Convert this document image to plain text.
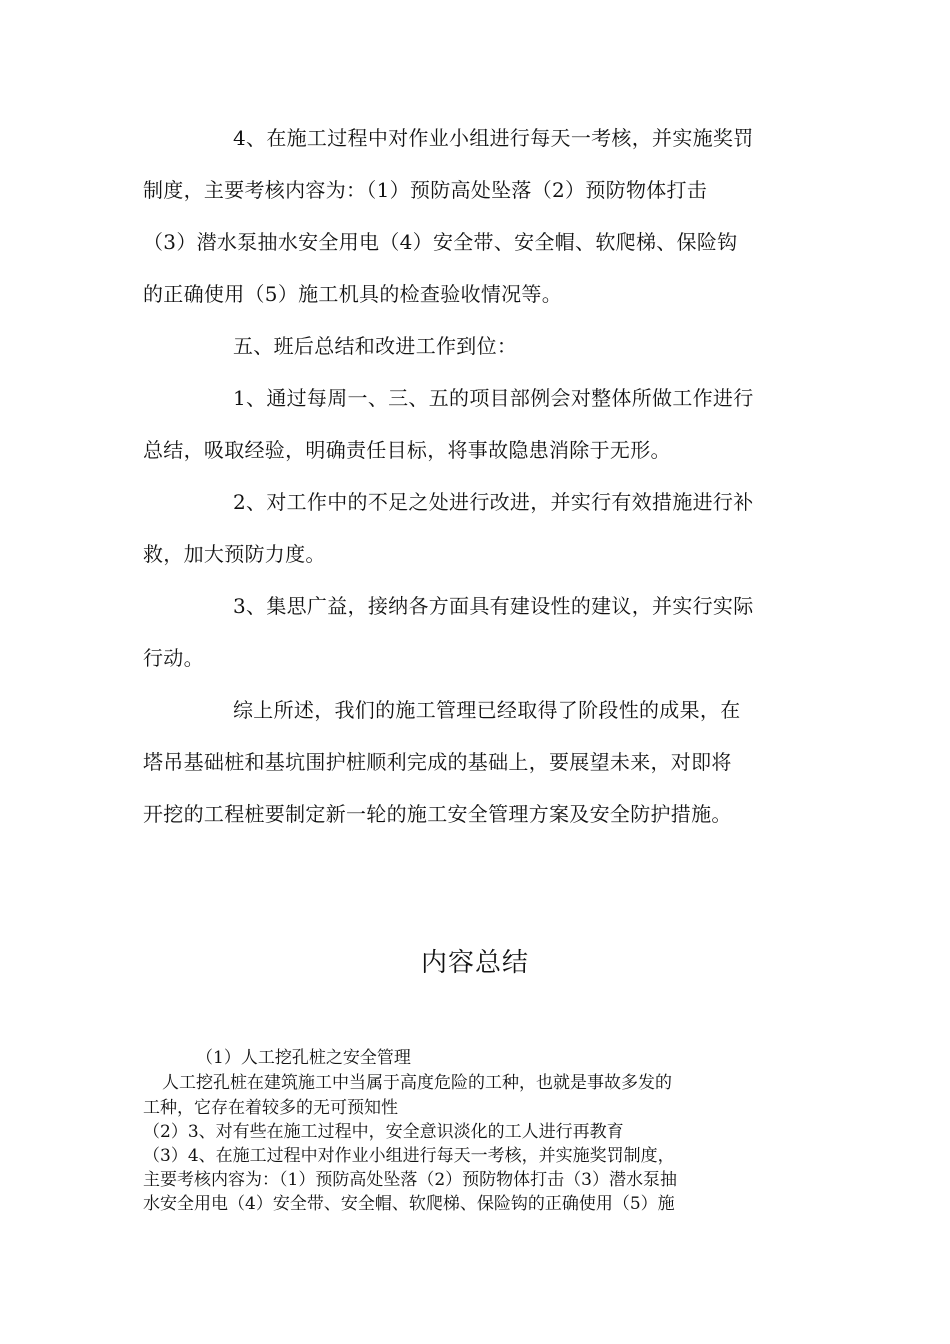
4、在施工过程中对作业小组进行每天一考核，并实施奖罚
制度，主要考核内容为：（1）预防高处坠落（2）预防物体打击
（3）潜水泵抽水安全用电（4）安全带、安全帽、软爬梯、保险钩
的正确使用（5）施工机具的检查验收情况等。
五、班后总结和改进工作到位：
1、通过每周一、三、五的项目部例会对整体所做工作进行
总结，吸取经验，明确责任目标，将事故隐患消除于无形。
2、对工作中的不足之处进行改进，并实行有效措施进行补
救，加大预防力度。
3、集思广益，接纳各方面具有建设性的建议，并实行实际
行动。
综上所述，我们的施工管理已经取得了阶段性的成果，在
塔吊基础桩和基坑围护桩顺利完成的基础上，要展望未来，对即将
开挖的工程桩要制定新一轮的施工安全管理方案及安全防护措施。
内容总结
（1）人工挖孔桩之安全管理
人工挖孔桩在建筑施工中当属于高度危险的工种，也就是事故多发的
工种，它存在着较多的无可预知性
（2）3、对有些在施工过程中，安全意识淡化的工人进行再教育
（3）4、在施工过程中对作业小组进行每天一考核，并实施奖罚制度，
主要考核内容为：（1）预防高处坠落（2）预防物体打击（3）潜水泵抽
水安全用电（4）安全带、安全帽、软爬梯、保险钩的正确使用（5）施
